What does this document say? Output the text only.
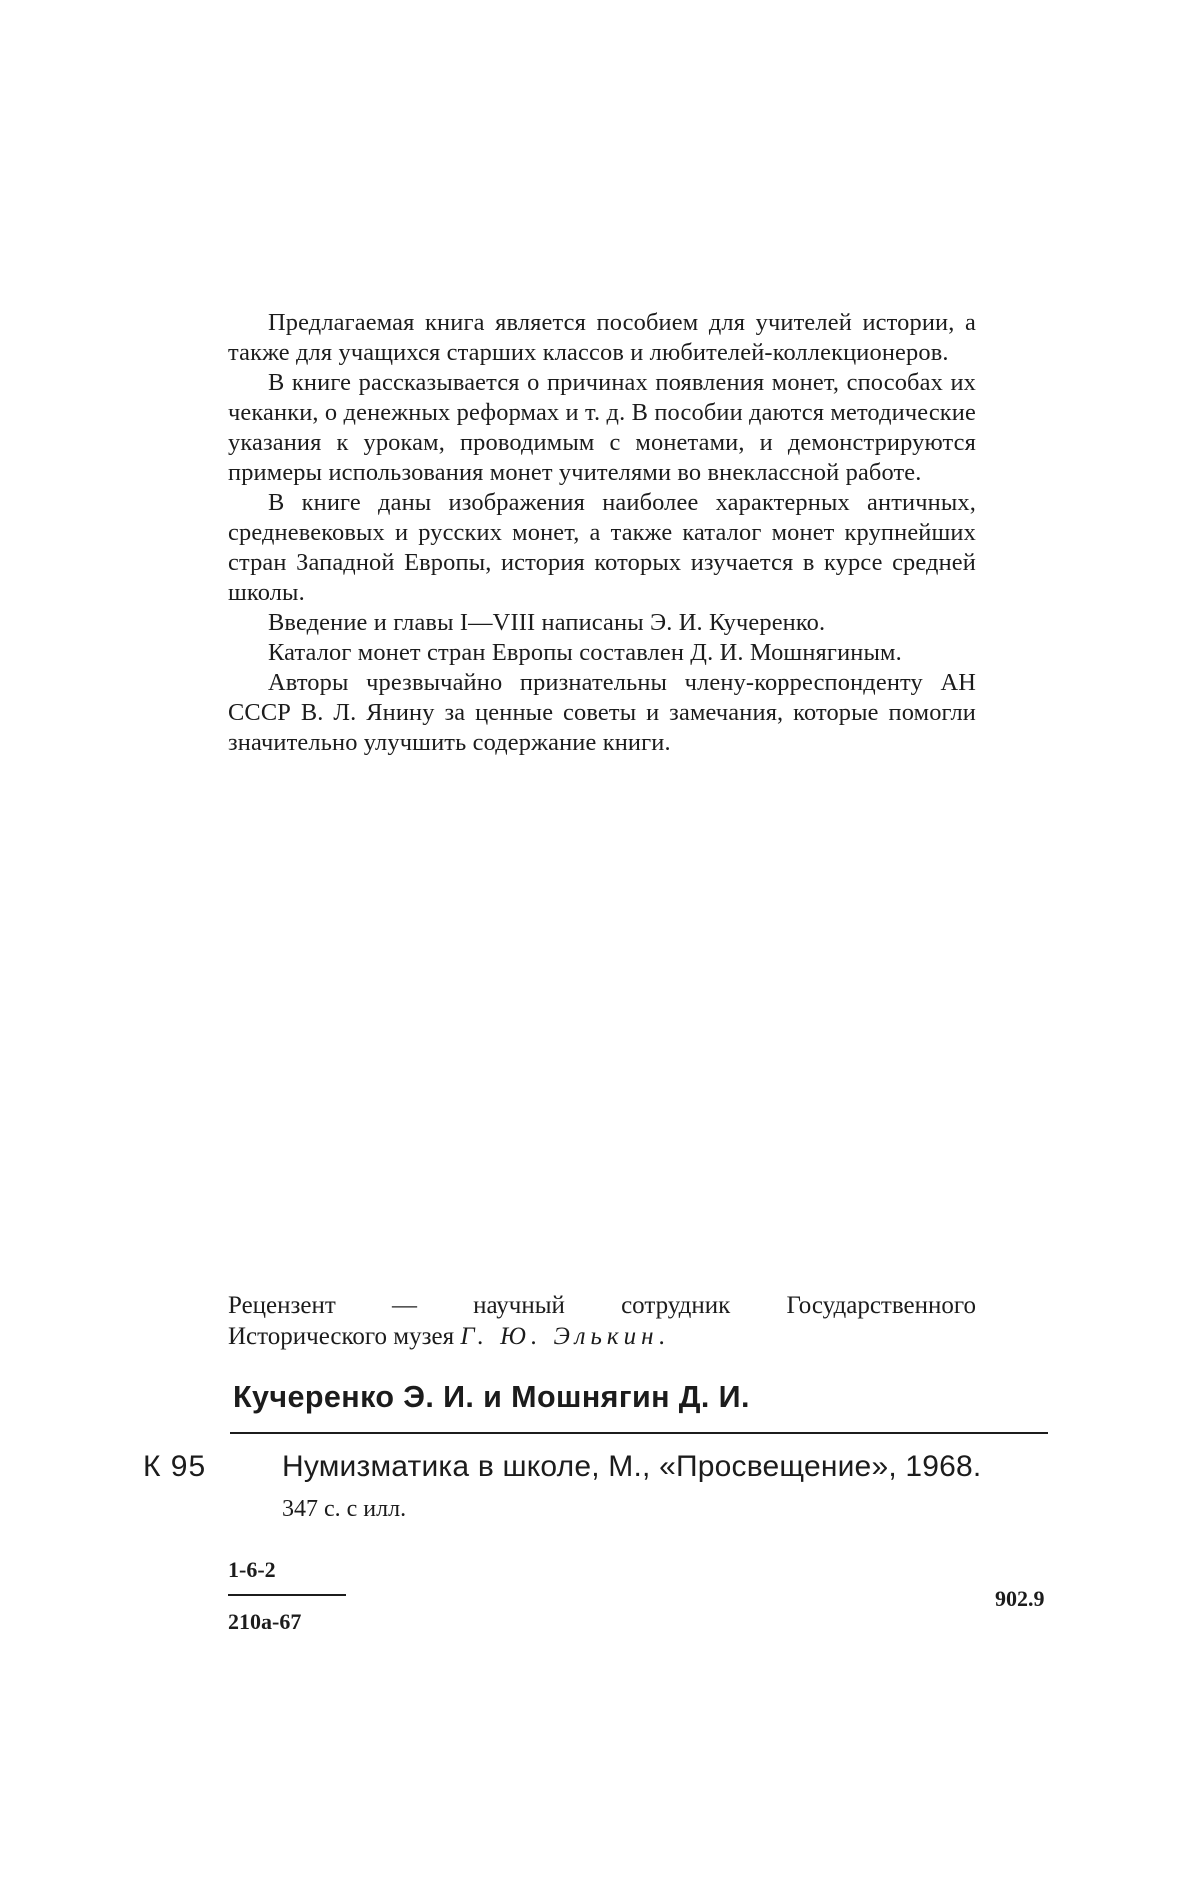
Предлагаемая книга является пособием для учителей истории, а также для учащихся старших классов и любителей-коллекционеров.

В книге рассказывается о причинах появления монет, способах их чеканки, о денежных реформах и т. д. В пособии даются методические указания к урокам, проводимым с монетами, и демонстрируются примеры использования монет учителями во внеклассной работе.

В книге даны изображения наиболее характерных античных, средневековых и русских монет, а также каталог монет крупнейших стран Западной Европы, история которых изучается в курсе средней школы.

Введение и главы I—VIII написаны Э. И. Кучеренко.

Каталог монет стран Европы составлен Д. И. Мошнягиным.

Авторы чрезвычайно признательны члену-корреспонденту АН СССР В. Л. Янину за ценные советы и замечания, которые помогли значительно улучшить содержание книги.

Рецензент — научный сотрудник Государственного

Исторического музея Г. Ю. Элькин.

Кучеренко Э. И. и Мошнягин Д. И.

К 95	Нумизматика в школе, М., «Просвещение», 1968.

347 с. с илл.

1-6-2

210а-67

902.9
